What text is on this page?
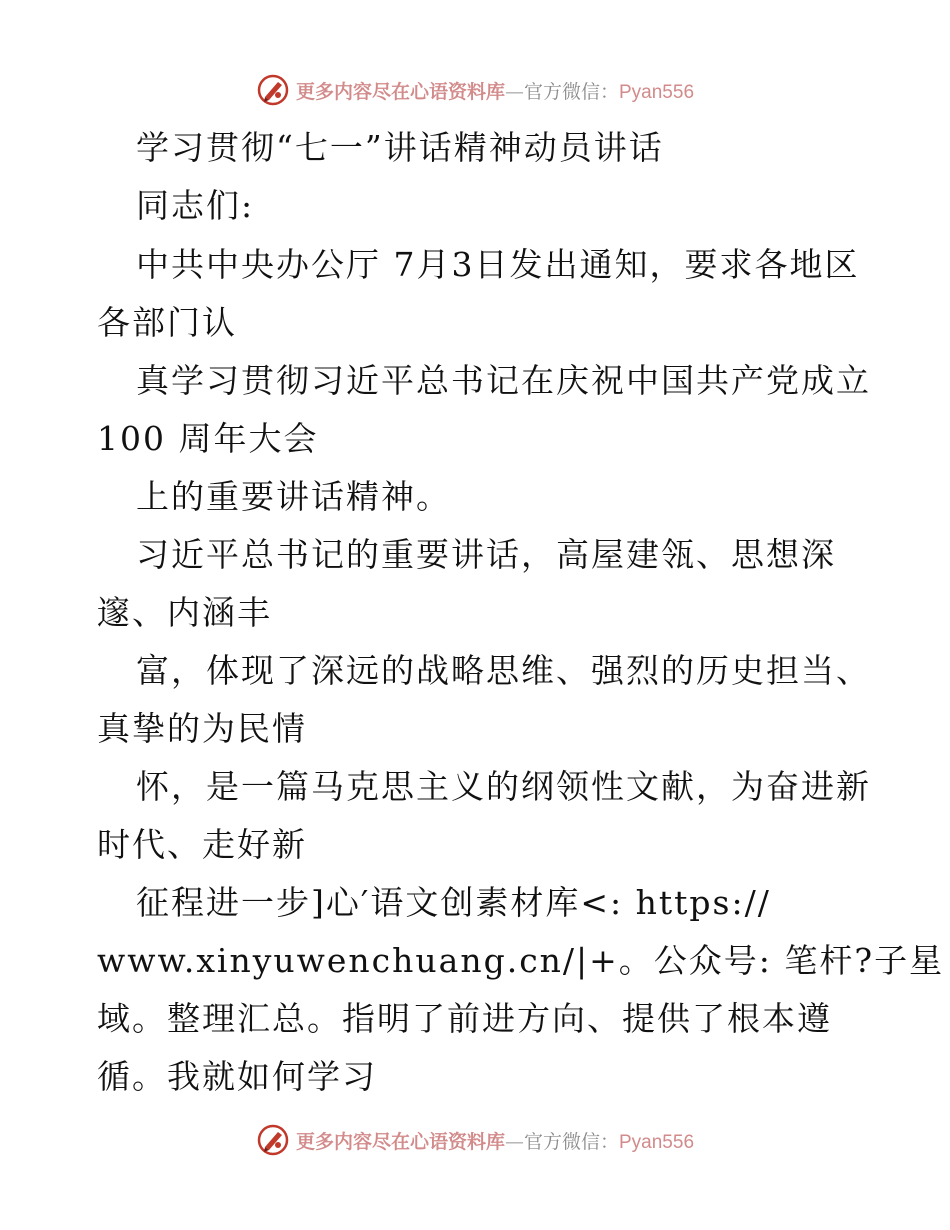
更多内容尽在心语资料库—官方微信：Pyan556
学习贯彻“七一”讲话精神动员讲话
同志们:
中共中央办公厅 7月3日发出通知，要求各地区
各部门认
真学习贯彻习近平总书记在庆祝中国共产党成立
100 周年大会
上的重要讲话精神。
习近平总书记的重要讲话，高屋建瓴、思想深
邃、内涵丰
富，体现了深远的战略思维、强烈的历史担当、
真挚的为民情
怀，是一篇马克思主义的纲领性文献，为奋进新
时代、走好新
征程进一步]心′语文创素材库<: https://
www.xinyuwenchuang.cn/|+。公众号: 笔杆?子星
域。整理汇总。指明了前进方向、提供了根本遵
循。我就如何学习
更多内容尽在心语资料库—官方微信：Pyan556
